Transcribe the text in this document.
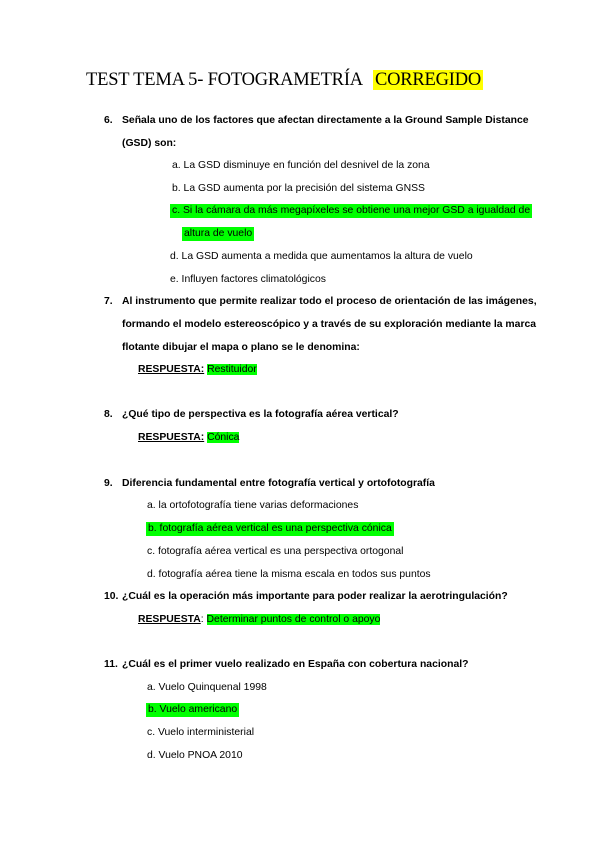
TEST TEMA 5- FOTOGRAMETRÍA CORREGIDO
6. Señala uno de los factores que afectan directamente a la Ground Sample Distance
(GSD) son:
a. La GSD disminuye en función del desnivel de la zona
b. La GSD aumenta por la precisión del sistema GNSS
c. Si la cámara da más megapíxeles se obtiene una mejor GSD a igualdad de
altura de vuelo
d. La GSD aumenta a medida que aumentamos la altura de vuelo
e. Influyen factores climatológicos
7. Al instrumento que permite realizar todo el proceso de orientación de las imágenes,
formando el modelo estereoscópico y a través de su exploración mediante la marca
flotante dibujar el mapa o plano se le denomina:
RESPUESTA: Restituidor
8. ¿Qué tipo de perspectiva es la fotografía aérea vertical?
RESPUESTA: Cónica
9. Diferencia fundamental entre fotografía vertical y ortofotografía
a. la ortofotografía tiene varias deformaciones
b. fotografía aérea vertical es una perspectiva cónica
c. fotografía aérea vertical es una perspectiva ortogonal
d. fotografía aérea tiene la misma escala en todos sus puntos
10. ¿Cuál es la operación más importante para poder realizar la aerotringulación?
RESPUESTA: Determinar puntos de control o apoyo
11. ¿Cuál es el primer vuelo realizado en España con cobertura nacional?
a. Vuelo Quinquenal 1998
b. Vuelo americano
c. Vuelo interministerial
d. Vuelo PNOA 2010
